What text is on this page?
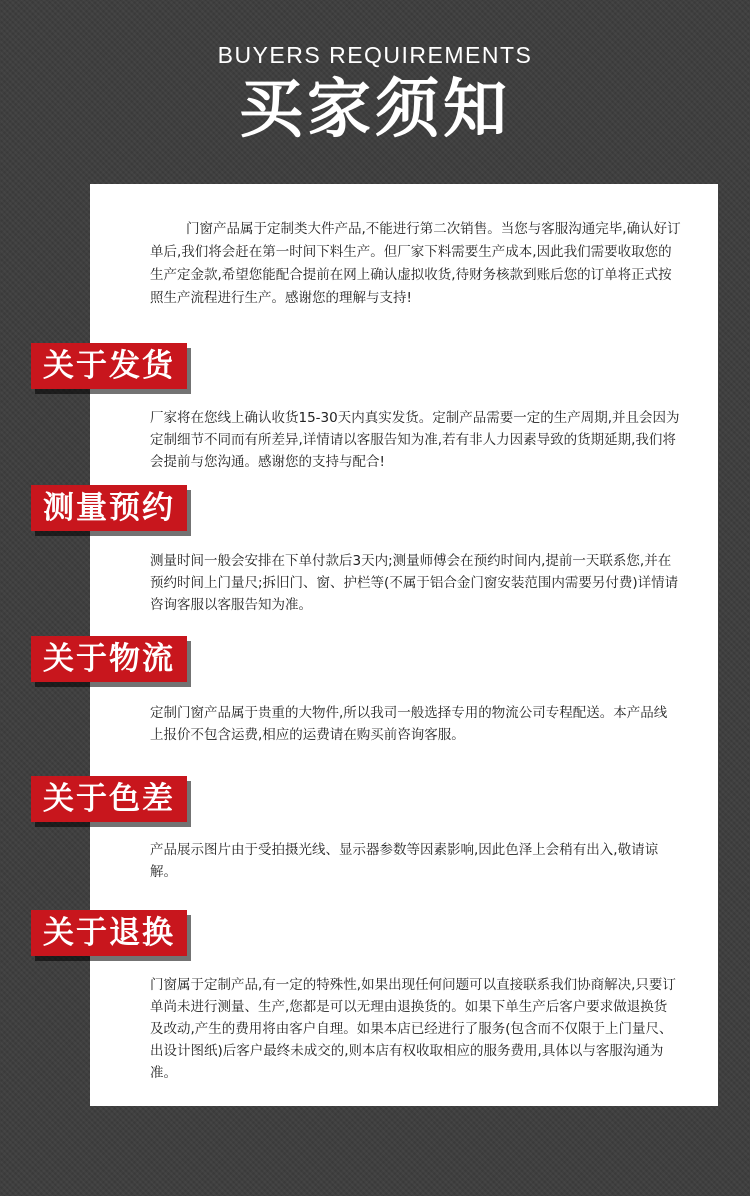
BUYERS REQUIREMENTS
买家须知
门窗产品属于定制类大件产品,不能进行第二次销售。当您与客服沟通完毕,确认好订单后,我们将会赶在第一时间下料生产。但厂家下料需要生产成本,因此我们需要收取您的生产定金款,希望您能配合提前在网上确认虚拟收货,待财务核款到账后您的订单将正式按照生产流程进行生产。感谢您的理解与支持!
关于发货
厂家将在您线上确认收货15-30天内真实发货。定制产品需要一定的生产周期,并且会因为定制细节不同而有所差异,详情请以客服告知为准,若有非人力因素导致的货期延期,我们将会提前与您沟通。感谢您的支持与配合!
测量预约
测量时间一般会安排在下单付款后3天内;测量师傅会在预约时间内,提前一天联系您,并在预约时间上门量尺;拆旧门、窗、护栏等(不属于铝合金门窗安装范围内需要另付费)详情请咨询客服以客服告知为准。
关于物流
定制门窗产品属于贵重的大物件,所以我司一般选择专用的物流公司专程配送。本产品线上报价不包含运费,相应的运费请在购买前咨询客服。
关于色差
产品展示图片由于受拍摄光线、显示器参数等因素影响,因此色泽上会稍有出入,敬请谅解。
关于退换
门窗属于定制产品,有一定的特殊性,如果出现任何问题可以直接联系我们协商解决,只要订单尚未进行测量、生产,您都是可以无理由退换货的。如果下单生产后客户要求做退换货及改动,产生的费用将由客户自理。如果本店已经进行了服务(包含而不仅限于上门量尺、出设计图纸)后客户最终未成交的,则本店有权收取相应的服务费用,具体以与客服沟通为准。
